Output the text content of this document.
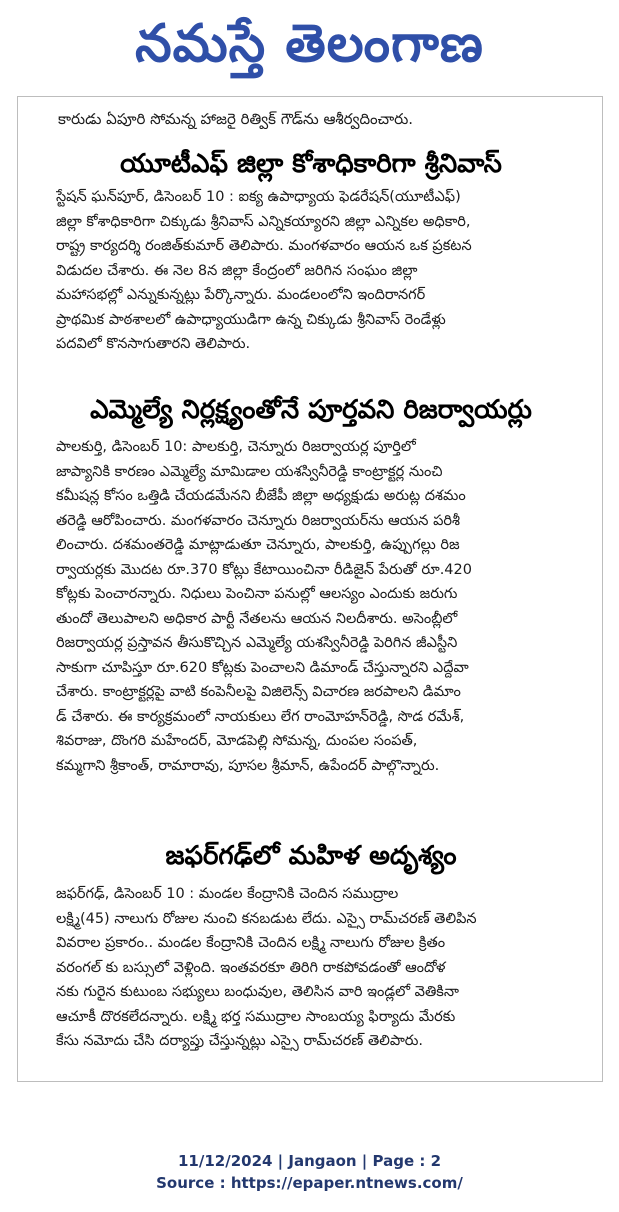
నమస్తే తెలంగాణ
కారుడు ఏపూరి సోమన్న హాజరై రిత్విక్ గౌడ్‌ను ఆశీర్వదించారు.
యూటీఎఫ్ జిల్లా కోశాధికారిగా శ్రీనివాస్
స్టేషన్ ఘన్‌పూర్, డిసెంబర్ 10 : ఐక్య ఉపాధ్యాయ ఫెడరేషన్(యూటీఎఫ్)
జిల్లా కోశాధికారిగా చిక్కుడు శ్రీనివాస్ ఎన్నికయ్యారని జిల్లా ఎన్నికల అధికారి,
రాష్ట్ర కార్యదర్శి రంజిత్‌కుమార్ తెలిపారు. మంగళవారం ఆయన ఒక ప్రకటన
విడుదల చేశారు. ఈ నెల 8న జిల్లా కేంద్రంలో జరిగిన సంఘం జిల్లా
మహాసభల్లో ఎన్నుకున్నట్లు పేర్కొన్నారు. మండలంలోని ఇందిరానగర్
ప్రాథమిక పాఠశాలలో ఉపాధ్యాయుడిగా ఉన్న చిక్కుడు శ్రీనివాస్ రెండేళ్లు
పదవిలో కొనసాగుతారని తెలిపారు.
ఎమ్మెల్యే నిర్లక్ష్యంతోనే పూర్తవని రిజర్వాయర్లు
పాలకుర్తి, డిసెంబర్ 10: పాలకుర్తి, చెన్నూరు రిజర్వాయర్ల పూర్తిలో
జాప్యానికి కారణం ఎమ్మెల్యే మామిడాల యశస్వినీరెడ్డి కాంట్రాక్టర్ల నుంచి
కమీషన్ల కోసం ఒత్తిడి చేయడమేనని బీజేపీ జిల్లా అధ్యక్షుడు అరుట్ల దశమం
తరెడ్డి ఆరోపించారు. మంగళవారం చెన్నూరు రిజర్వాయర్‌ను ఆయన పరిశీ
లించారు. దశమంతరెడ్డి మాట్లాడుతూ చెన్నూరు, పాలకుర్తి, ఉప్పుగల్లు రిజ
ర్వాయర్లకు మొదట రూ.370 కోట్లు కేటాయించినా రీడిజైన్ పేరుతో రూ.420
కోట్లకు పెంచారన్నారు. నిధులు పెంచినా పనుల్లో ఆలస్యం ఎందుకు జరుగు
తుందో తెలుపాలని అధికార పార్టీ నేతలను ఆయన నిలదీశారు. అసెంబ్లీలో
రిజర్వాయర్ల ప్రస్తావన తీసుకొచ్చిన ఎమ్మెల్యే యశస్వినీరెడ్డి పెరిగిన జీఎస్టీని
సాకుగా చూపిస్తూ రూ.620 కోట్లకు పెంచాలని డిమాండ్ చేస్తున్నారని ఎద్దేవా
చేశారు. కాంట్రాక్టర్లపై వాటి కంపెనీలపై విజిలెన్స్ విచారణ జరపాలని డిమాం
డ్ చేశారు. ఈ కార్యక్రమంలో నాయకులు లేగ రాంమోహన్‌రెడ్డి, సొడ రమేశ్,
శివరాజు, దొంగరి మహేందర్, మోడపెల్లి సోమన్న, దుంపల సంపత్,
కమ్మగాని శ్రీకాంత్, రామారావు, పూసల శ్రీమాన్, ఉపేందర్ పాల్గొన్నారు.
జఫర్‌గఢ్‌లో మహిళ అదృశ్యం
జఫర్‌గఢ్, డిసెంబర్ 10 : మండల కేంద్రానికి చెందిన సముద్రాల
లక్ష్మి(45) నాలుగు రోజుల నుంచి కనబడుట లేదు. ఎస్సై రామ్‌చరణ్ తెలిపిన
వివరాల ప్రకారం.. మండల కేంద్రానికి చెందిన లక్ష్మి నాలుగు రోజుల క్రితం
వరంగల్ కు బస్సులో వెళ్లింది. ఇంతవరకూ తిరిగి రాకపోవడంతో ఆందోళ
నకు గురైన కుటుంబ సభ్యులు బంధువుల, తెలిసిన వారి ఇండ్లలో వెతికినా
ఆచూకీ దొరకలేదన్నారు. లక్ష్మి భర్త సముద్రాల సాంబయ్య ఫిర్యాదు మేరకు
కేసు నమోదు చేసి దర్యాప్తు చేస్తున్నట్లు ఎస్సై రామ్‌చరణ్ తెలిపారు.
11/12/2024 | Jangaon | Page : 2
Source : https://epaper.ntnews.com/
